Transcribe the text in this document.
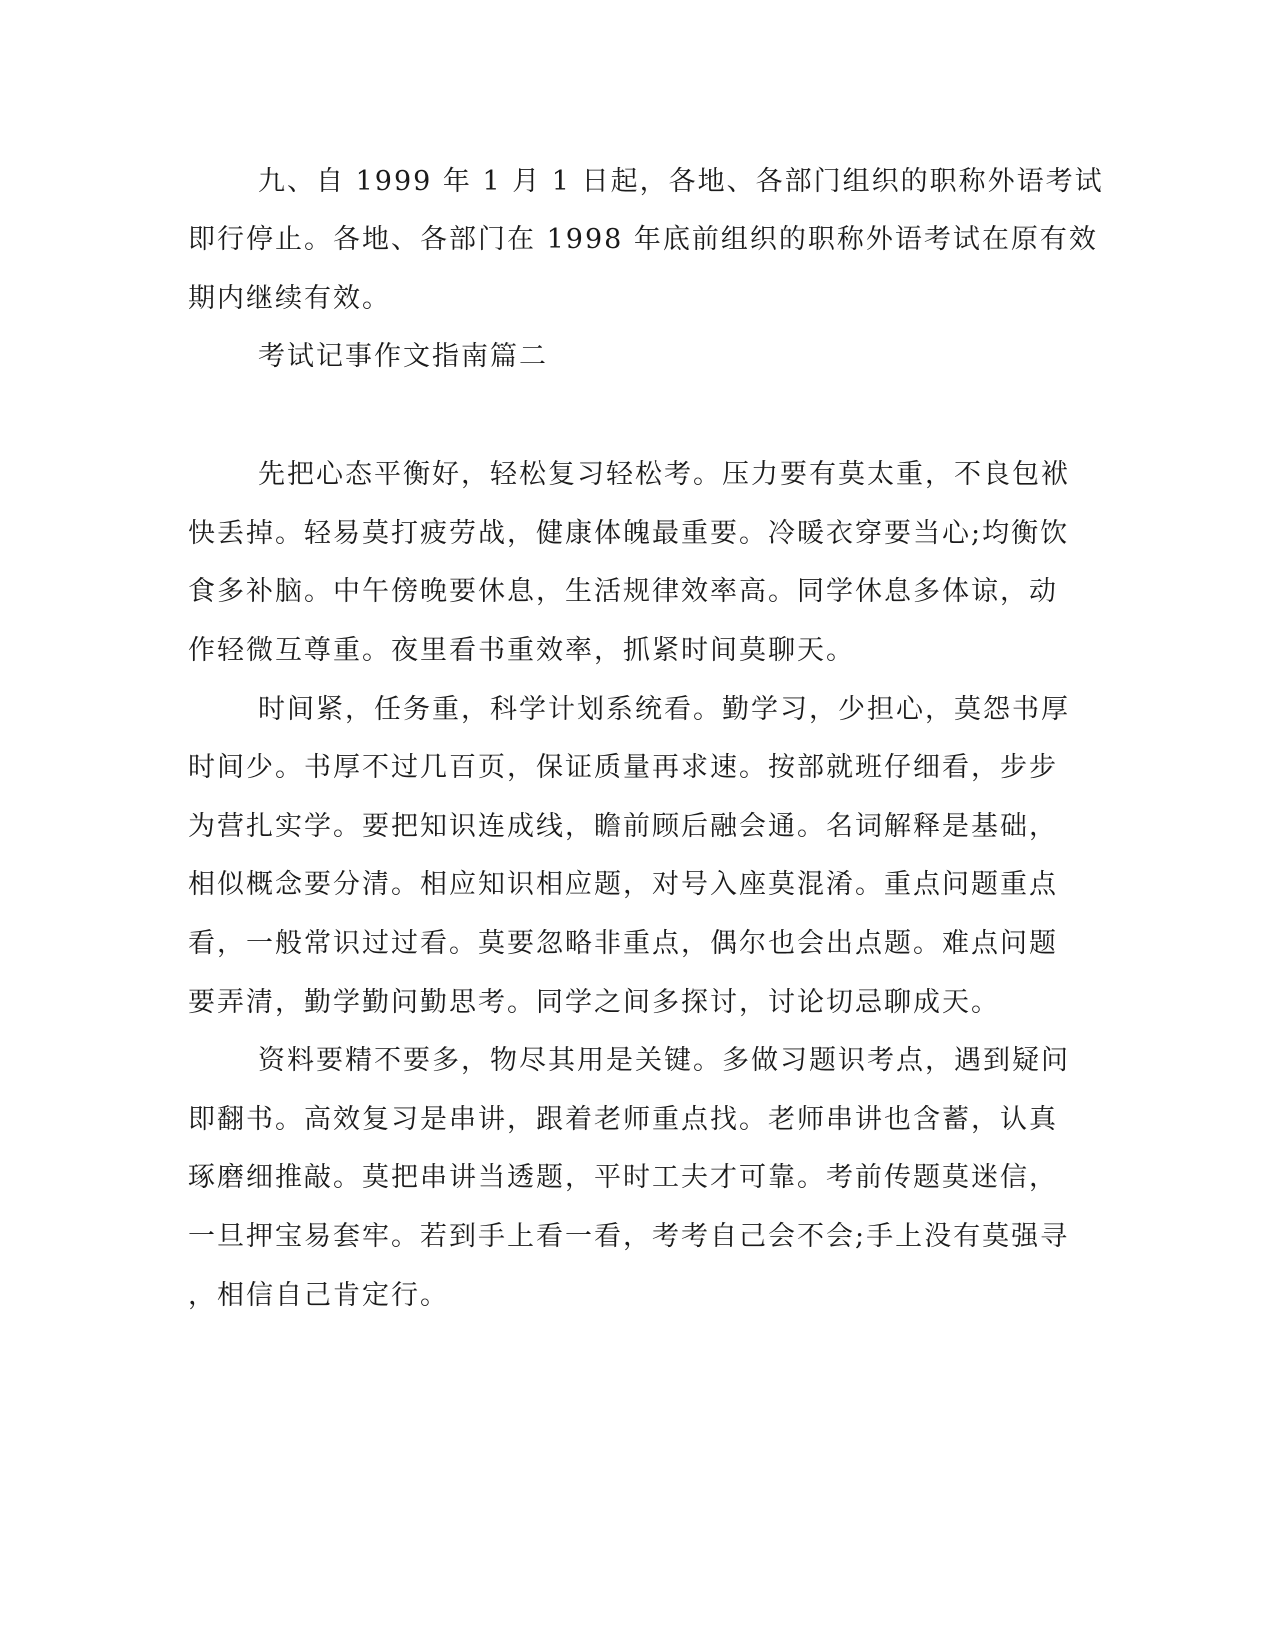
九、自 1999 年 1 月 1 日起，各地、各部门组织的职称外语考试
即行停止。各地、各部门在 1998 年底前组织的职称外语考试在原有效
期内继续有效。
考试记事作文指南篇二
先把心态平衡好，轻松复习轻松考。压力要有莫太重，不良包袱
快丢掉。轻易莫打疲劳战，健康体魄最重要。冷暖衣穿要当心;均衡饮
食多补脑。中午傍晚要休息，生活规律效率高。同学休息多体谅，动
作轻微互尊重。夜里看书重效率，抓紧时间莫聊天。
时间紧，任务重，科学计划系统看。勤学习，少担心，莫怨书厚
时间少。书厚不过几百页，保证质量再求速。按部就班仔细看，步步
为营扎实学。要把知识连成线，瞻前顾后融会通。名词解释是基础，
相似概念要分清。相应知识相应题，对号入座莫混淆。重点问题重点
看，一般常识过过看。莫要忽略非重点，偶尔也会出点题。难点问题
要弄清，勤学勤问勤思考。同学之间多探讨，讨论切忌聊成天。
资料要精不要多，物尽其用是关键。多做习题识考点，遇到疑问
即翻书。高效复习是串讲，跟着老师重点找。老师串讲也含蓄，认真
琢磨细推敲。莫把串讲当透题，平时工夫才可靠。考前传题莫迷信，
一旦押宝易套牢。若到手上看一看，考考自己会不会;手上没有莫强寻
，相信自己肯定行。
